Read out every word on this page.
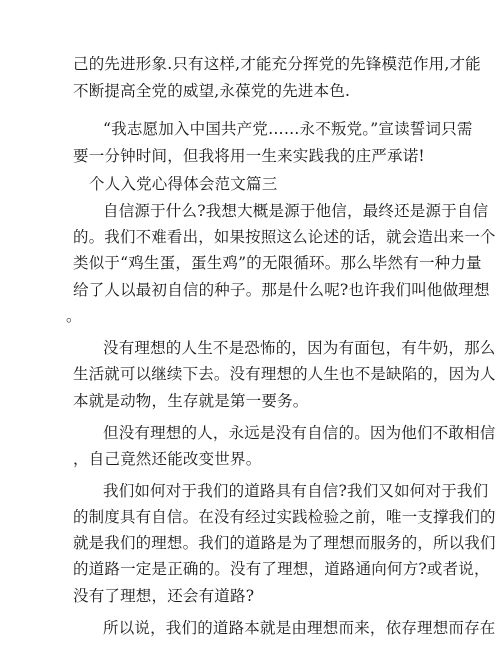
己的先进形象.只有这样,才能充分挥党的先锋模范作用,才能
不断提高全党的威望,永葆党的先进本色.
“我志愿加入中国共产党……永不叛党。”宣读誓词只需
要一分钟时间，但我将用一生来实践我的庄严承诺!
个人入党心得体会范文篇三
自信源于什么?我想大概是源于他信，最终还是源于自信
的。我们不难看出，如果按照这么论述的话，就会造出来一个
类似于“鸡生蛋，蛋生鸡”的无限循环。那么毕然有一种力量
给了人以最初自信的种子。那是什么呢?也许我们叫他做理想
。
没有理想的人生不是恐怖的，因为有面包，有牛奶，那么
生活就可以继续下去。没有理想的人生也不是缺陷的，因为人
本就是动物，生存就是第一要务。
但没有理想的人，永远是没有自信的。因为他们不敢相信
，自己竟然还能改变世界。
我们如何对于我们的道路具有自信?我们又如何对于我们
的制度具有自信。在没有经过实践检验之前，唯一支撑我们的
就是我们的理想。我们的道路是为了理想而服务的，所以我们
的道路一定是正确的。没有了理想，道路通向何方?或者说，
没有了理想，还会有道路?
所以说，我们的道路本就是由理想而来，依存理想而存在
